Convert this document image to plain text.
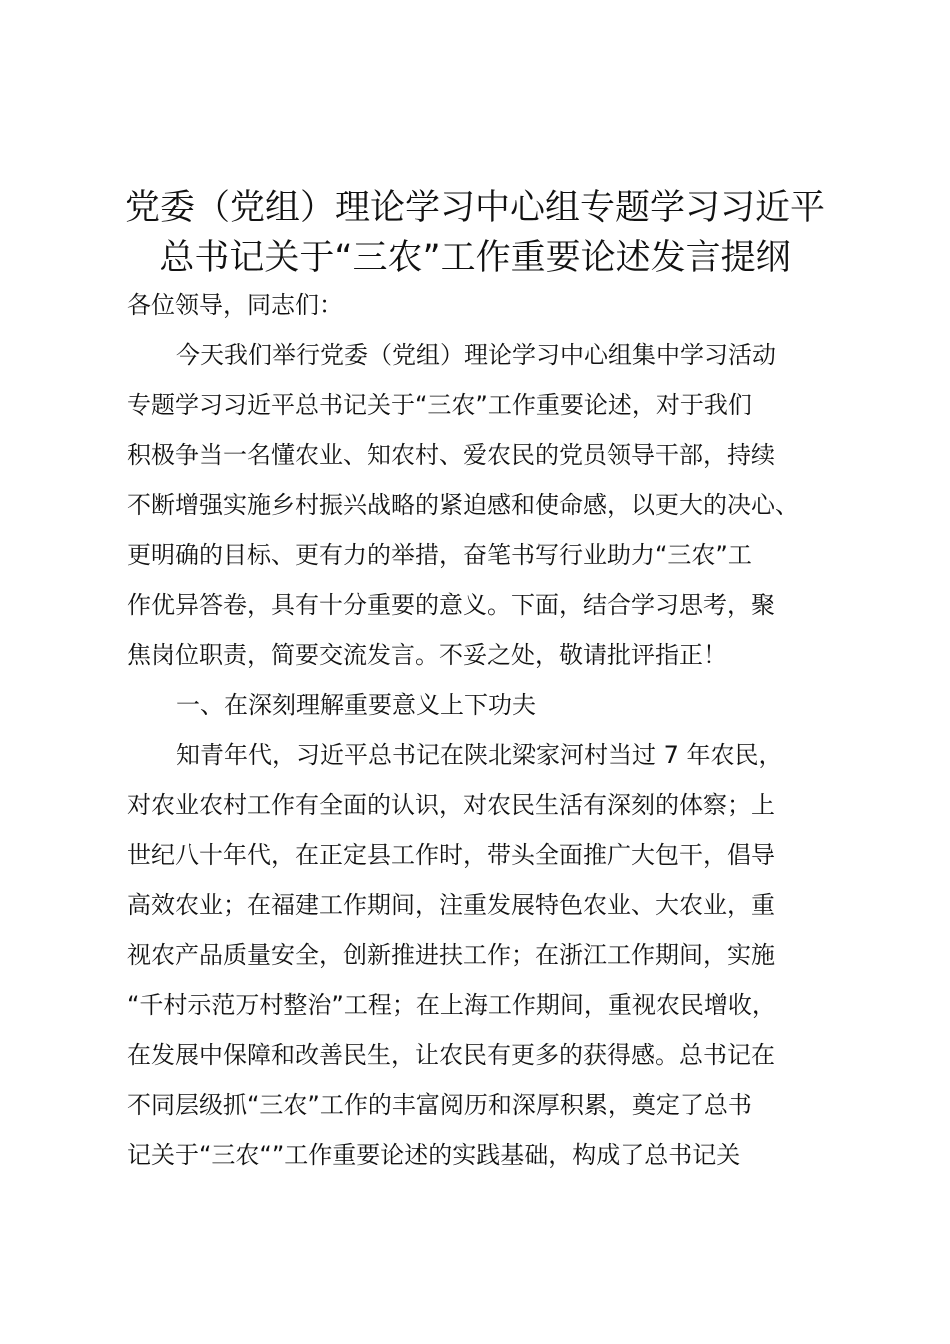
党委（党组）理论学习中心组专题学习习近平
总书记关于“三农”工作重要论述发言提纲
各位领导，同志们：
今天我们举行党委（党组）理论学习中心组集中学习活动
专题学习习近平总书记关于“三农”工作重要论述，对于我们
积极争当一名懂农业、知农村、爱农民的党员领导干部，持续
不断增强实施乡村振兴战略的紧迫感和使命感，以更大的决心、
更明确的目标、更有力的举措，奋笔书写行业助力“三农”工
作优异答卷，具有十分重要的意义。下面，结合学习思考，聚
焦岗位职责，简要交流发言。不妥之处，敬请批评指正！
一、在深刻理解重要意义上下功夫
知青年代，习近平总书记在陕北梁家河村当过 7 年农民，
对农业农村工作有全面的认识，对农民生活有深刻的体察；上
世纪八十年代，在正定县工作时，带头全面推广大包干，倡导
高效农业；在福建工作期间，注重发展特色农业、大农业，重
视农产品质量安全，创新推进扶工作；在浙江工作期间，实施
“千村示范万村整治”工程；在上海工作期间，重视农民增收，
在发展中保障和改善民生，让农民有更多的获得感。总书记在
不同层级抓“三农”工作的丰富阅历和深厚积累，奠定了总书
记关于“三农“”工作重要论述的实践基础，构成了总书记关
